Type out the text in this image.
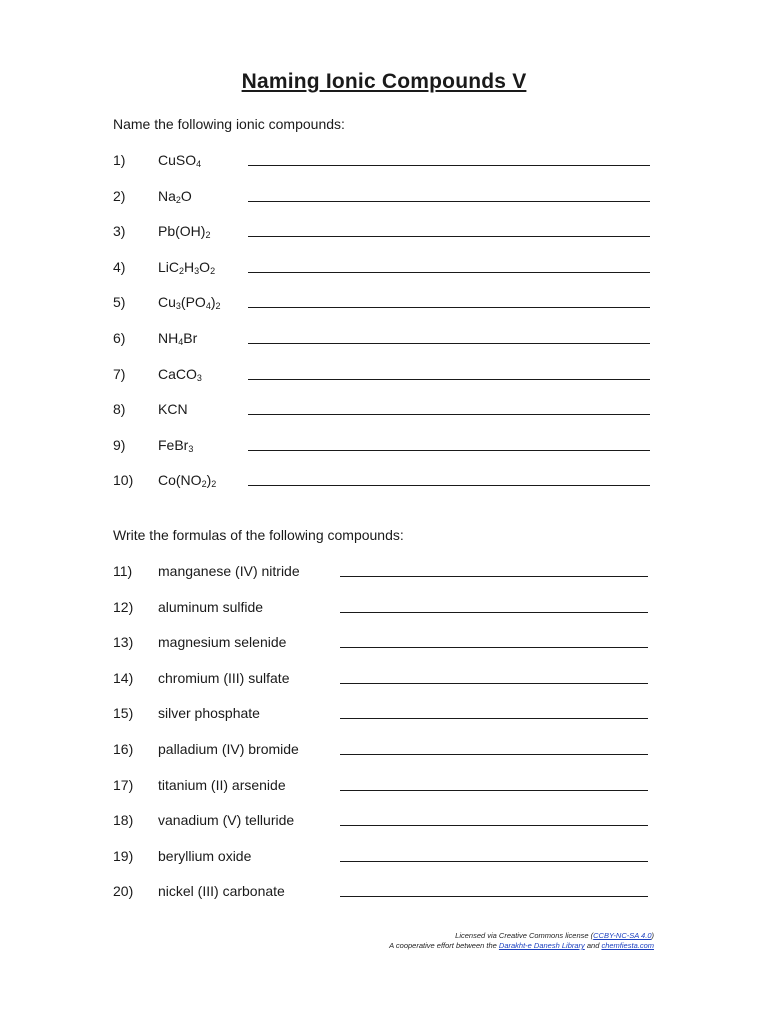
Naming Ionic Compounds V
Name the following ionic compounds:
1) CuSO$_4$
2) $Na_2O$
3) $Pb(OH)_2$
4) $LiC_2H_3O_2$
5) $Cu_3(PO_4)_2$
6) $NH_4Br$
7) CaCO$_3$
8) KCN
9) FeBr$_3$
10) $Co(NO_2)_2$
Write the formulas of the following compounds:
11) manganese (IV) nitride
12) aluminum sulfide
13) magnesium selenide
14) chromium (III) sulfate
15) silver phosphate
16) palladium (IV) bromide
17) titanium (II) arsenide
18) vanadium (V) telluride
19) beryllium oxide
20) nickel (III) carbonate
Licensed via Creative Commons license (CCBY-NC-SA 4.0)
A cooperative effort between the Darakht-e Danesh Library and chemfiesta.com
